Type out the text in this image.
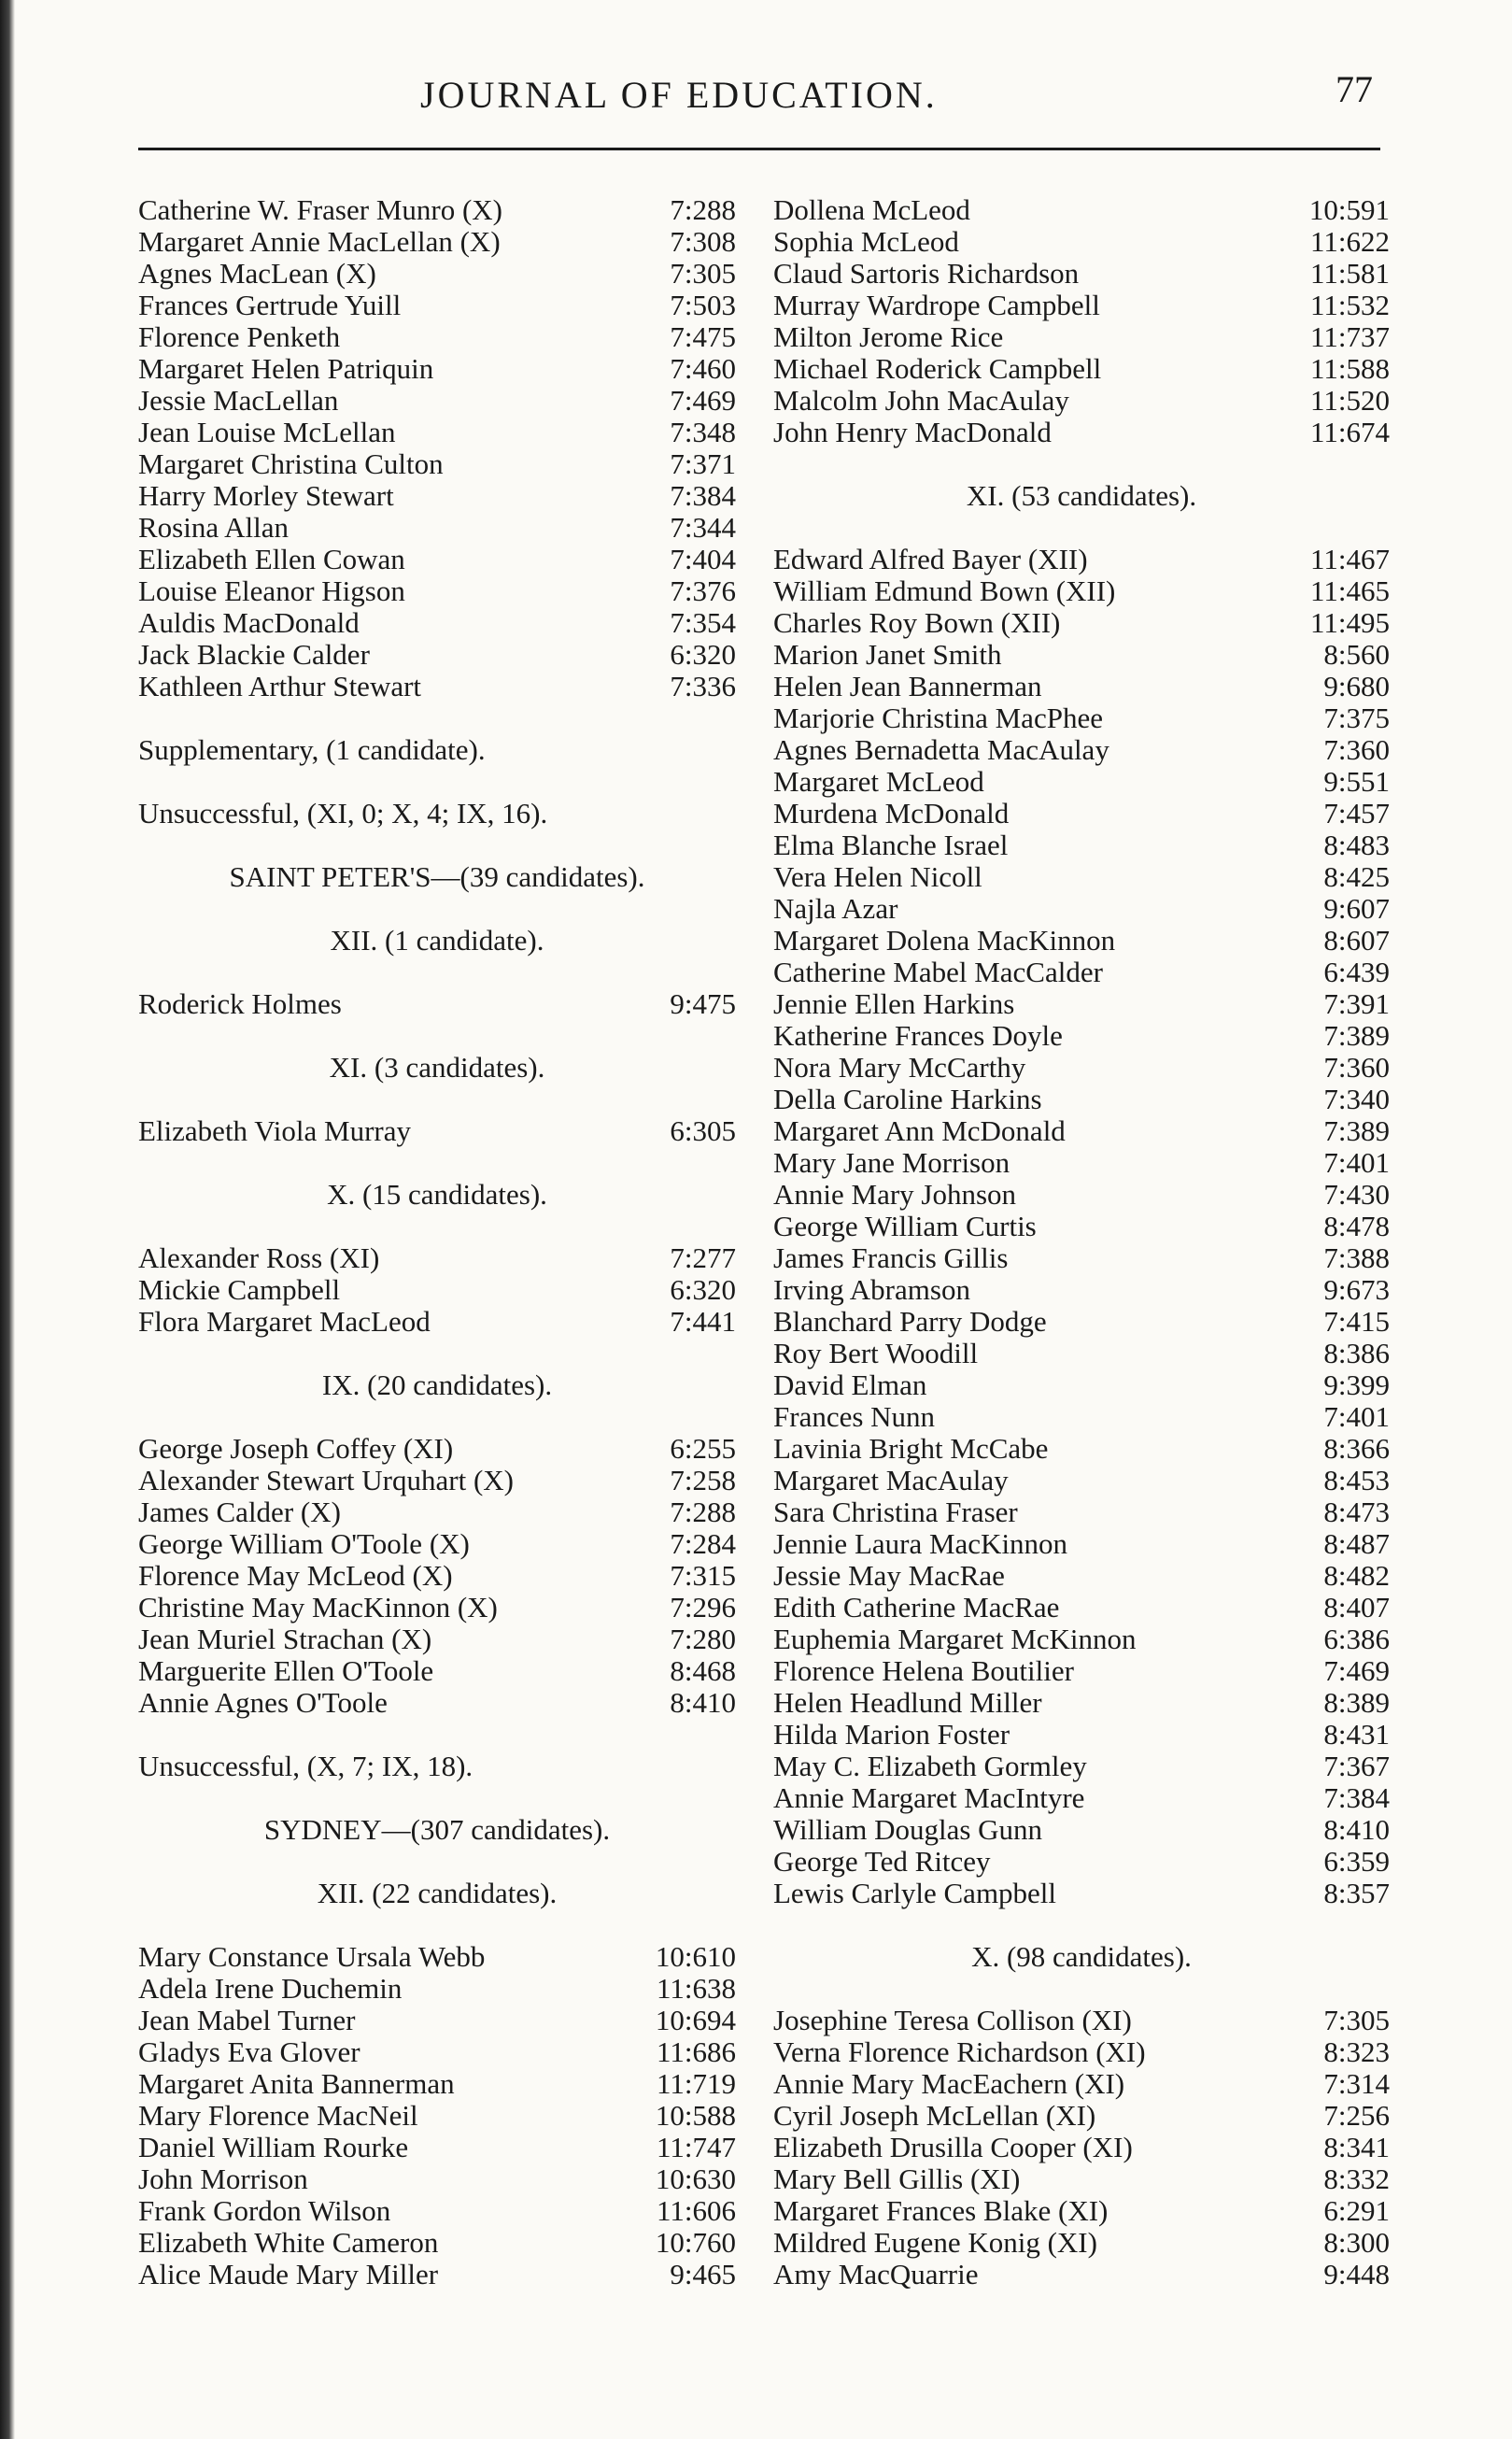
JOURNAL OF EDUCATION.	77
Catherine W. Fraser Munro (X)	7:288
Margaret Annie MacLellan (X)	7:308
Agnes MacLean (X)	7:305
Frances Gertrude Yuill	7:503
Florence Penketh	7:475
Margaret Helen Patriquin	7:460
Jessie MacLellan	7:469
Jean Louise McLellan	7:348
Margaret Christina Culton	7:371
Harry Morley Stewart	7:384
Rosina Allan	7:344
Elizabeth Ellen Cowan	7:404
Louise Eleanor Higson	7:376
Auldis MacDonald	7:354
Jack Blackie Calder	6:320
Kathleen Arthur Stewart	7:336
Supplementary, (1 candidate).
Unsuccessful, (XI, 0; X, 4; IX, 16).
SAINT PETER'S—(39 candidates).
XII. (1 candidate).
Roderick Holmes	9:475
XI. (3 candidates).
Elizabeth Viola Murray	6:305
X. (15 candidates).
Alexander Ross (XI)	7:277
Mickie Campbell	6:320
Flora Margaret MacLeod	7:441
IX. (20 candidates).
George Joseph Coffey (XI)	6:255
Alexander Stewart Urquhart (X)	7:258
James Calder (X)	7:288
George William O'Toole (X)	7:284
Florence May McLeod (X)	7:315
Christine May MacKinnon (X)	7:296
Jean Muriel Strachan (X)	7:280
Marguerite Ellen O'Toole	8:468
Annie Agnes O'Toole	8:410
Unsuccessful, (X, 7; IX, 18).
SYDNEY—(307 candidates).
XII. (22 candidates).
Mary Constance Ursala Webb	10:610
Adela Irene Duchemin	11:638
Jean Mabel Turner	10:694
Gladys Eva Glover	11:686
Margaret Anita Bannerman	11:719
Mary Florence MacNeil	10:588
Daniel William Rourke	11:747
John Morrison	10:630
Frank Gordon Wilson	11:606
Elizabeth White Cameron	10:760
Alice Maude Mary Miller	9:465
Dollena McLeod	10:591
Sophia McLeod	11:622
Claud Sartoris Richardson	11:581
Murray Wardrope Campbell	11:532
Milton Jerome Rice	11:737
Michael Roderick Campbell	11:588
Malcolm John MacAulay	11:520
John Henry MacDonald	11:674
XI. (53 candidates).
Edward Alfred Bayer (XII)	11:467
William Edmund Bown (XII)	11:465
Charles Roy Bown (XII)	11:495
Marion Janet Smith	8:560
Helen Jean Bannerman	9:680
Marjorie Christina MacPhee	7:375
Agnes Bernadetta MacAulay	7:360
Margaret McLeod	9:551
Murdena McDonald	7:457
Elma Blanche Israel	8:483
Vera Helen Nicoll	8:425
Najla Azar	9:607
Margaret Dolena MacKinnon	8:607
Catherine Mabel MacCalder	6:439
Jennie Ellen Harkins	7:391
Katherine Frances Doyle	7:389
Nora Mary McCarthy	7:360
Della Caroline Harkins	7:340
Margaret Ann McDonald	7:389
Mary Jane Morrison	7:401
Annie Mary Johnson	7:430
George William Curtis	8:478
James Francis Gillis	7:388
Irving Abramson	9:673
Blanchard Parry Dodge	7:415
Roy Bert Woodill	8:386
David Elman	9:399
Frances Nunn	7:401
Lavinia Bright McCabe	8:366
Margaret MacAulay	8:453
Sara Christina Fraser	8:473
Jennie Laura MacKinnon	8:487
Jessie May MacRae	8:482
Edith Catherine MacRae	8:407
Euphemia Margaret McKinnon	6:386
Florence Helena Boutilier	7:469
Helen Headlund Miller	8:389
Hilda Marion Foster	8:431
May C. Elizabeth Gormley	7:367
Annie Margaret MacIntyre	7:384
William Douglas Gunn	8:410
George Ted Ritcey	6:359
Lewis Carlyle Campbell	8:357
X. (98 candidates).
Josephine Teresa Collison (XI)	7:305
Verna Florence Richardson (XI)	8:323
Annie Mary MacEachern (XI)	7:314
Cyril Joseph McLellan (XI)	7:256
Elizabeth Drusilla Cooper (XI)	8:341
Mary Bell Gillis (XI)	8:332
Margaret Frances Blake (XI)	6:291
Mildred Eugene Konig (XI)	8:300
Amy MacQuarrie	9:448
